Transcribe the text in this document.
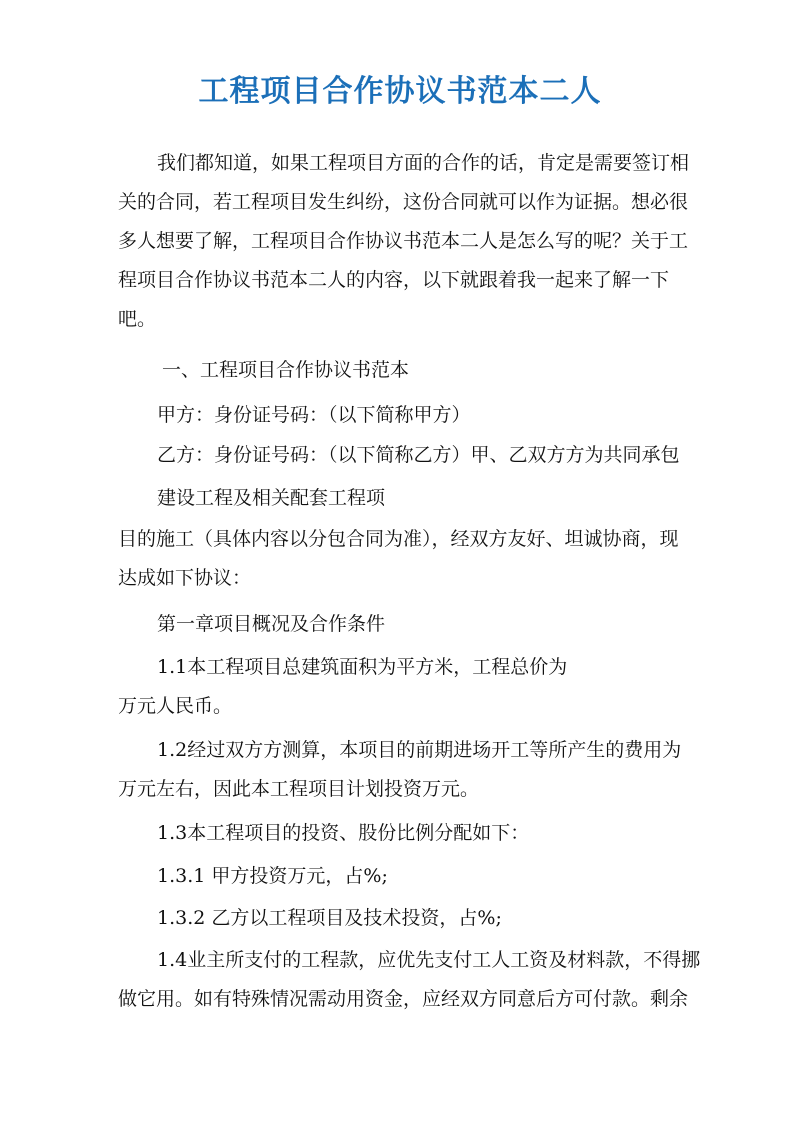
工程项目合作协议书范本二人
我们都知道，如果工程项目方面的合作的话，肯定是需要签订相
关的合同，若工程项目发生纠纷，这份合同就可以作为证据。想必很
多人想要了解，工程项目合作协议书范本二人是怎么写的呢？关于工
程项目合作协议书范本二人的内容，以下就跟着我一起来了解一下
吧。
一、工程项目合作协议书范本
甲方：身份证号码：（以下简称甲方）
乙方：身份证号码：（以下简称乙方）甲、乙双方方为共同承包
建设工程及相关配套工程项
目的施工（具体内容以分包合同为准），经双方友好、坦诚协商，现
达成如下协议：
第一章项目概况及合作条件
1.1本工程项目总建筑面积为平方米，工程总价为
万元人民币。
1.2经过双方方测算，本项目的前期进场开工等所产生的费用为
万元左右，因此本工程项目计划投资万元。
1.3本工程项目的投资、股份比例分配如下：
1.3.1 甲方投资万元，占%;
1.3.2 乙方以工程项目及技术投资，占%;
1.4业主所支付的工程款，应优先支付工人工资及材料款，不得挪
做它用。如有特殊情况需动用资金，应经双方同意后方可付款。剩余
